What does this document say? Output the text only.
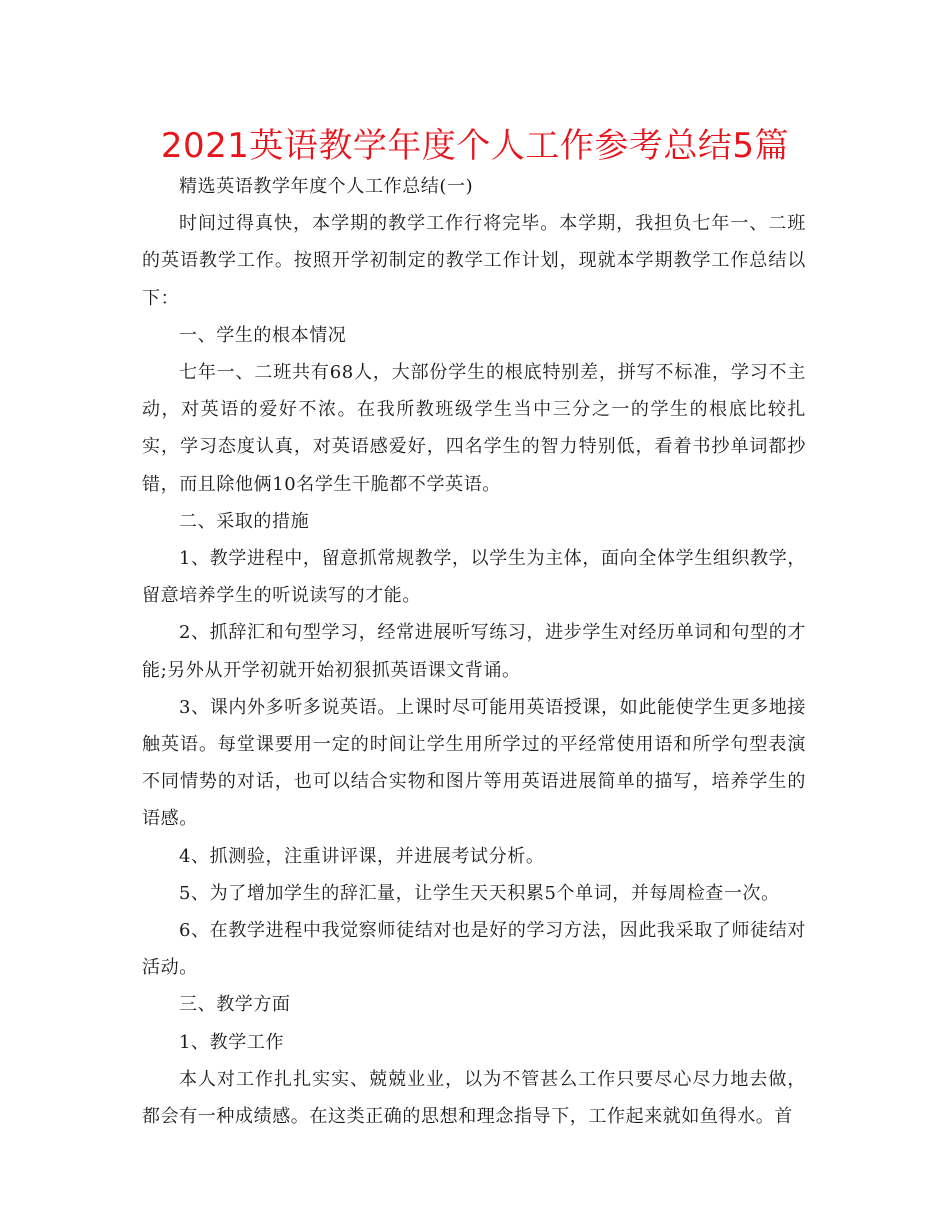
2021英语教学年度个人工作参考总结5篇

精选英语教学年度个人工作总结(一)

时间过得真快，本学期的教学工作行将完毕。本学期，我担负七年一、二班的英语教学工作。按照开学初制定的教学工作计划，现就本学期教学工作总结以下：

一、学生的根本情况

七年一、二班共有68人，大部份学生的根底特别差，拼写不标准，学习不主动，对英语的爱好不浓。在我所教班级学生当中三分之一的学生的根底比较扎实，学习态度认真，对英语感爱好，四名学生的智力特别低，看着书抄单词都抄错，而且除他俩10名学生干脆都不学英语。

二、采取的措施

1、教学进程中，留意抓常规教学，以学生为主体，面向全体学生组织教学，留意培养学生的听说读写的才能。

2、抓辞汇和句型学习，经常进展听写练习，进步学生对经历单词和句型的才能;另外从开学初就开始初狠抓英语课文背诵。

3、课内外多听多说英语。上课时尽可能用英语授课，如此能使学生更多地接触英语。每堂课要用一定的时间让学生用所学过的平经常使用语和所学句型表演不同情势的对话，也可以结合实物和图片等用英语进展简单的描写，培养学生的语感。

4、抓测验，注重讲评课，并进展考试分析。

5、为了增加学生的辞汇量，让学生天天积累5个单词，并每周检查一次。

6、在教学进程中我觉察师徒结对也是好的学习方法，因此我采取了师徒结对活动。

三、教学方面

1、教学工作

本人对工作扎扎实实、兢兢业业，以为不管甚么工作只要尽心尽力地去做，都会有一种成绩感。在这类正确的思想和理念指导下，工作起来就如鱼得水。首
